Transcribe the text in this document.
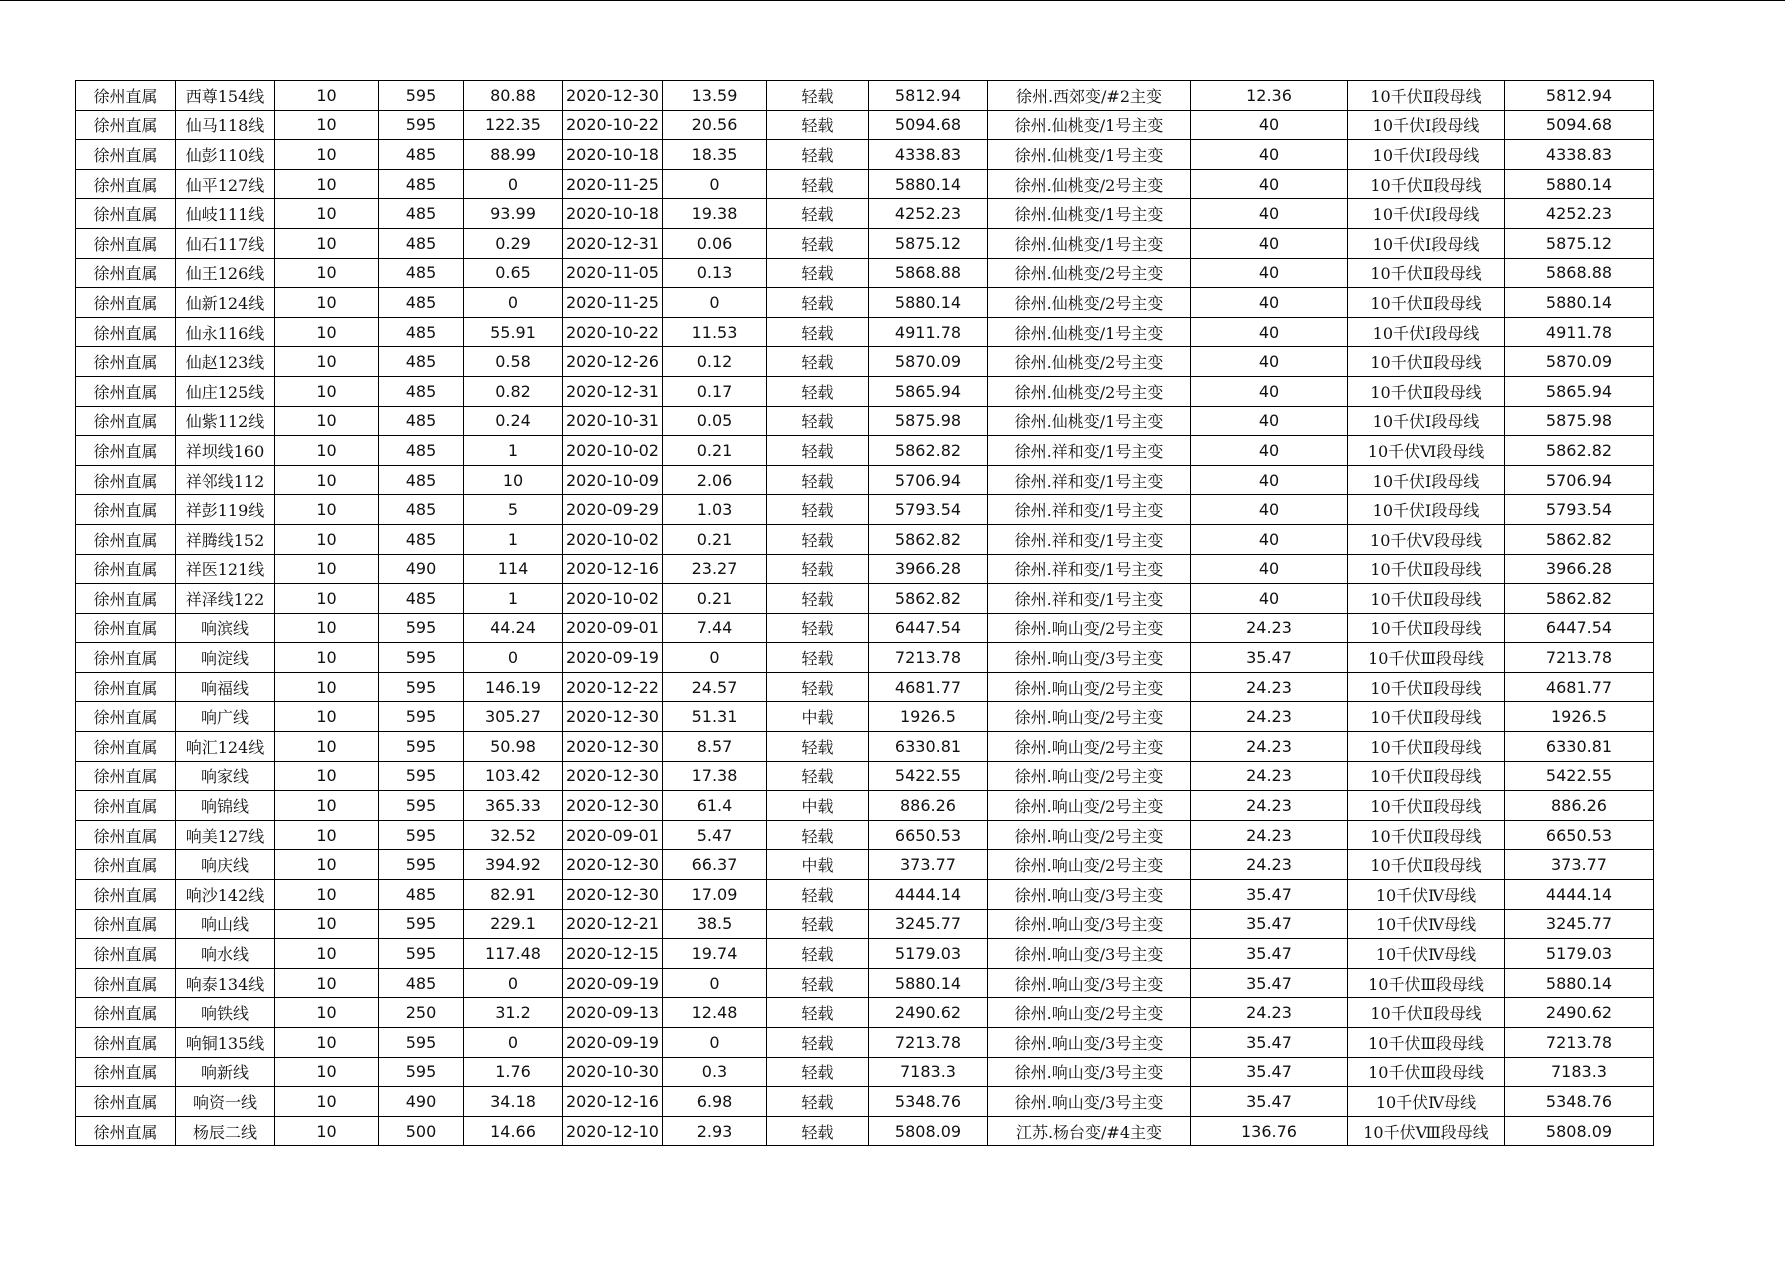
徐州直属	西尊154线	10	595	80.88	2020-12-30	13.59	轻载	5812.94	徐州.西郊变/#2主变	12.36	10千伏Ⅱ段母线	5812.94
徐州直属	仙马118线	10	595	122.35	2020-10-22	20.56	轻载	5094.68	徐州.仙桃变/1号主变	40	10千伏Ⅰ段母线	5094.68
徐州直属	仙彭110线	10	485	88.99	2020-10-18	18.35	轻载	4338.83	徐州.仙桃变/1号主变	40	10千伏Ⅰ段母线	4338.83
徐州直属	仙平127线	10	485	0	2020-11-25	0	轻载	5880.14	徐州.仙桃变/2号主变	40	10千伏Ⅱ段母线	5880.14
徐州直属	仙岐111线	10	485	93.99	2020-10-18	19.38	轻载	4252.23	徐州.仙桃变/1号主变	40	10千伏Ⅰ段母线	4252.23
徐州直属	仙石117线	10	485	0.29	2020-12-31	0.06	轻载	5875.12	徐州.仙桃变/1号主变	40	10千伏Ⅰ段母线	5875.12
徐州直属	仙王126线	10	485	0.65	2020-11-05	0.13	轻载	5868.88	徐州.仙桃变/2号主变	40	10千伏Ⅱ段母线	5868.88
徐州直属	仙新124线	10	485	0	2020-11-25	0	轻载	5880.14	徐州.仙桃变/2号主变	40	10千伏Ⅱ段母线	5880.14
徐州直属	仙永116线	10	485	55.91	2020-10-22	11.53	轻载	4911.78	徐州.仙桃变/1号主变	40	10千伏Ⅰ段母线	4911.78
徐州直属	仙赵123线	10	485	0.58	2020-12-26	0.12	轻载	5870.09	徐州.仙桃变/2号主变	40	10千伏Ⅱ段母线	5870.09
徐州直属	仙庄125线	10	485	0.82	2020-12-31	0.17	轻载	5865.94	徐州.仙桃变/2号主变	40	10千伏Ⅱ段母线	5865.94
徐州直属	仙紫112线	10	485	0.24	2020-10-31	0.05	轻载	5875.98	徐州.仙桃变/1号主变	40	10千伏Ⅰ段母线	5875.98
徐州直属	祥坝线160	10	485	1	2020-10-02	0.21	轻载	5862.82	徐州.祥和变/1号主变	40	10千伏Ⅵ段母线	5862.82
徐州直属	祥邻线112	10	485	10	2020-10-09	2.06	轻载	5706.94	徐州.祥和变/1号主变	40	10千伏Ⅰ段母线	5706.94
徐州直属	祥彭119线	10	485	5	2020-09-29	1.03	轻载	5793.54	徐州.祥和变/1号主变	40	10千伏Ⅰ段母线	5793.54
徐州直属	祥腾线152	10	485	1	2020-10-02	0.21	轻载	5862.82	徐州.祥和变/1号主变	40	10千伏Ⅴ段母线	5862.82
徐州直属	祥医121线	10	490	114	2020-12-16	23.27	轻载	3966.28	徐州.祥和变/1号主变	40	10千伏Ⅱ段母线	3966.28
徐州直属	祥泽线122	10	485	1	2020-10-02	0.21	轻载	5862.82	徐州.祥和变/1号主变	40	10千伏Ⅱ段母线	5862.82
徐州直属	响滨线	10	595	44.24	2020-09-01	7.44	轻载	6447.54	徐州.响山变/2号主变	24.23	10千伏Ⅱ段母线	6447.54
徐州直属	响淀线	10	595	0	2020-09-19	0	轻载	7213.78	徐州.响山变/3号主变	35.47	10千伏Ⅲ段母线	7213.78
徐州直属	响福线	10	595	146.19	2020-12-22	24.57	轻载	4681.77	徐州.响山变/2号主变	24.23	10千伏Ⅱ段母线	4681.77
徐州直属	响广线	10	595	305.27	2020-12-30	51.31	中载	1926.5	徐州.响山变/2号主变	24.23	10千伏Ⅱ段母线	1926.5
徐州直属	响汇124线	10	595	50.98	2020-12-30	8.57	轻载	6330.81	徐州.响山变/2号主变	24.23	10千伏Ⅱ段母线	6330.81
徐州直属	响家线	10	595	103.42	2020-12-30	17.38	轻载	5422.55	徐州.响山变/2号主变	24.23	10千伏Ⅱ段母线	5422.55
徐州直属	响锦线	10	595	365.33	2020-12-30	61.4	中载	886.26	徐州.响山变/2号主变	24.23	10千伏Ⅱ段母线	886.26
徐州直属	响美127线	10	595	32.52	2020-09-01	5.47	轻载	6650.53	徐州.响山变/2号主变	24.23	10千伏Ⅱ段母线	6650.53
徐州直属	响庆线	10	595	394.92	2020-12-30	66.37	中载	373.77	徐州.响山变/2号主变	24.23	10千伏Ⅱ段母线	373.77
徐州直属	响沙142线	10	485	82.91	2020-12-30	17.09	轻载	4444.14	徐州.响山变/3号主变	35.47	10千伏Ⅳ母线	4444.14
徐州直属	响山线	10	595	229.1	2020-12-21	38.5	轻载	3245.77	徐州.响山变/3号主变	35.47	10千伏Ⅳ母线	3245.77
徐州直属	响水线	10	595	117.48	2020-12-15	19.74	轻载	5179.03	徐州.响山变/3号主变	35.47	10千伏Ⅳ母线	5179.03
徐州直属	响泰134线	10	485	0	2020-09-19	0	轻载	5880.14	徐州.响山变/3号主变	35.47	10千伏Ⅲ段母线	5880.14
徐州直属	响铁线	10	250	31.2	2020-09-13	12.48	轻载	2490.62	徐州.响山变/2号主变	24.23	10千伏Ⅱ段母线	2490.62
徐州直属	响铜135线	10	595	0	2020-09-19	0	轻载	7213.78	徐州.响山变/3号主变	35.47	10千伏Ⅲ段母线	7213.78
徐州直属	响新线	10	595	1.76	2020-10-30	0.3	轻载	7183.3	徐州.响山变/3号主变	35.47	10千伏Ⅲ段母线	7183.3
徐州直属	响资一线	10	490	34.18	2020-12-16	6.98	轻载	5348.76	徐州.响山变/3号主变	35.47	10千伏Ⅳ母线	5348.76
徐州直属	杨辰二线	10	500	14.66	2020-12-10	2.93	轻载	5808.09	江苏.杨台变/#4主变	136.76	10千伏Ⅷ段母线	5808.09
